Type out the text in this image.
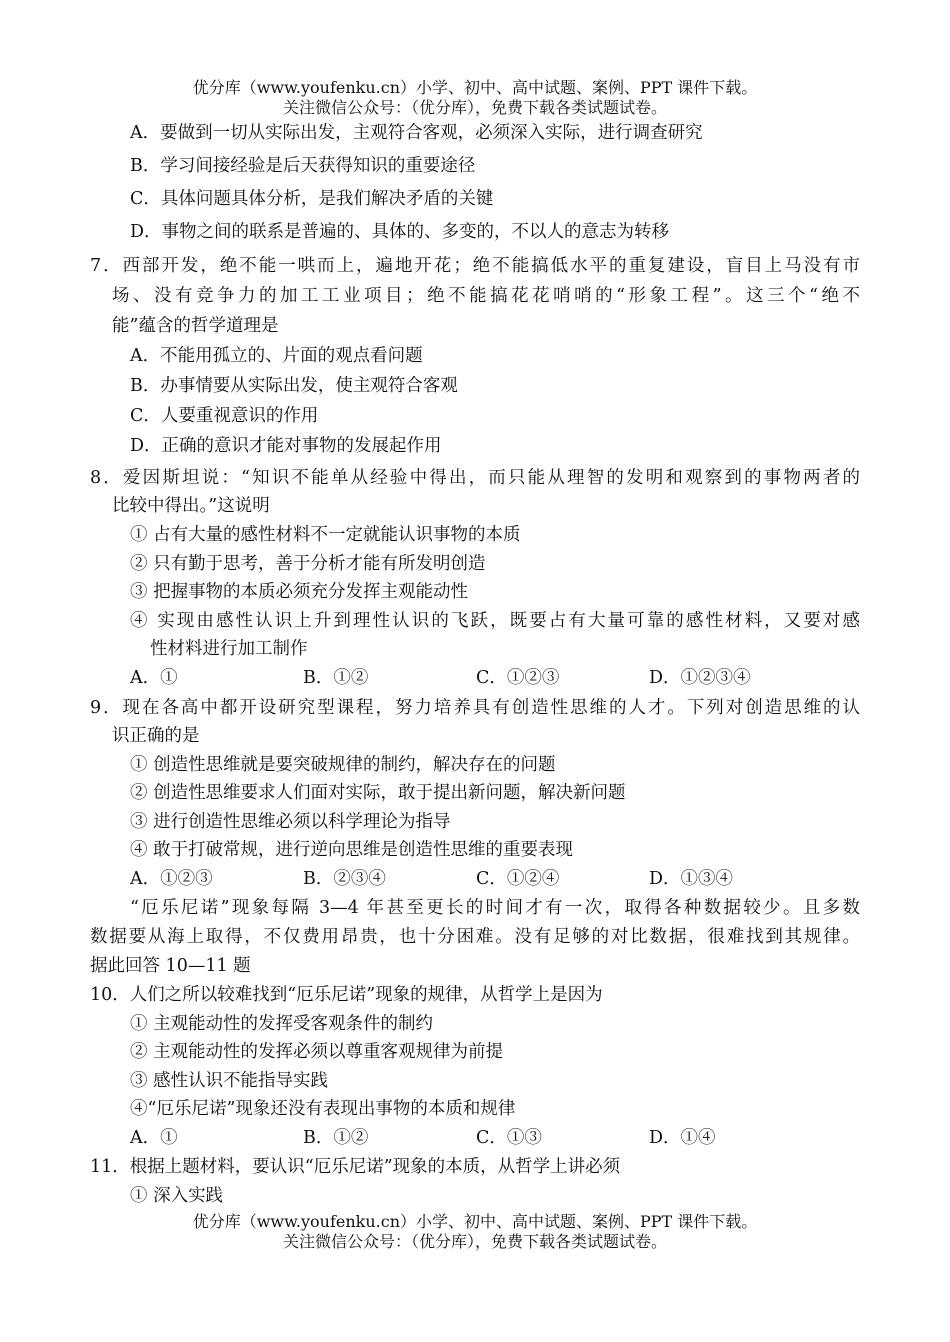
优分库（www.youfenku.cn）小学、初中、高中试题、案例、PPT 课件下载。
关注微信公众号：（优分库），免费下载各类试题试卷。
A．要做到一切从实际出发，主观符合客观，必须深入实际，进行调查研究
B．学习间接经验是后天获得知识的重要途径
C．具体问题具体分析，是我们解决矛盾的关键
D．事物之间的联系是普遍的、具体的、多变的，不以人的意志为转移
7．西部开发，绝不能一哄而上，遍地开花；绝不能搞低水平的重复建设，盲目上马没有市
场、没有竞争力的加工工业项目；绝不能搞花花哨哨的“形象工程”。这三个“绝不
能”蕴含的哲学道理是
A．不能用孤立的、片面的观点看问题
B．办事情要从实际出发，使主观符合客观
C．人要重视意识的作用
D．正确的意识才能对事物的发展起作用
8．爱因斯坦说：“知识不能单从经验中得出，而只能从理智的发明和观察到的事物两者的
比较中得出。”这说明
① 占有大量的感性材料不一定就能认识事物的本质
② 只有勤于思考，善于分析才能有所发明创造
③ 把握事物的本质必须充分发挥主观能动性
④ 实现由感性认识上升到理性认识的飞跃，既要占有大量可靠的感性材料，又要对感
性材料进行加工制作
A．①	B．①②	C．①②③	D．①②③④
9．现在各高中都开设研究型课程，努力培养具有创造性思维的人才。下列对创造思维的认
识正确的是
① 创造性思维就是要突破规律的制约，解决存在的问题
② 创造性思维要求人们面对实际，敢于提出新问题，解决新问题
③ 进行创造性思维必须以科学理论为指导
④ 敢于打破常规，进行逆向思维是创造性思维的重要表现
A．①②③	B．②③④	C．①②④	D．①③④
“厄乐尼诺”现象每隔 3—4 年甚至更长的时间才有一次，取得各种数据较少。且多数
数据要从海上取得，不仅费用昂贵，也十分困难。没有足够的对比数据，很难找到其规律。
据此回答 10—11 题
10．人们之所以较难找到“厄乐尼诺”现象的规律，从哲学上是因为
① 主观能动性的发挥受客观条件的制约
② 主观能动性的发挥必须以尊重客观规律为前提
③ 感性认识不能指导实践
④“厄乐尼诺”现象还没有表现出事物的本质和规律
A．①	B．①②	C．①③	D．①④
11．根据上题材料，要认识“厄乐尼诺”现象的本质，从哲学上讲必须
① 深入实践
优分库（www.youfenku.cn）小学、初中、高中试题、案例、PPT 课件下载。
关注微信公众号：（优分库），免费下载各类试题试卷。
